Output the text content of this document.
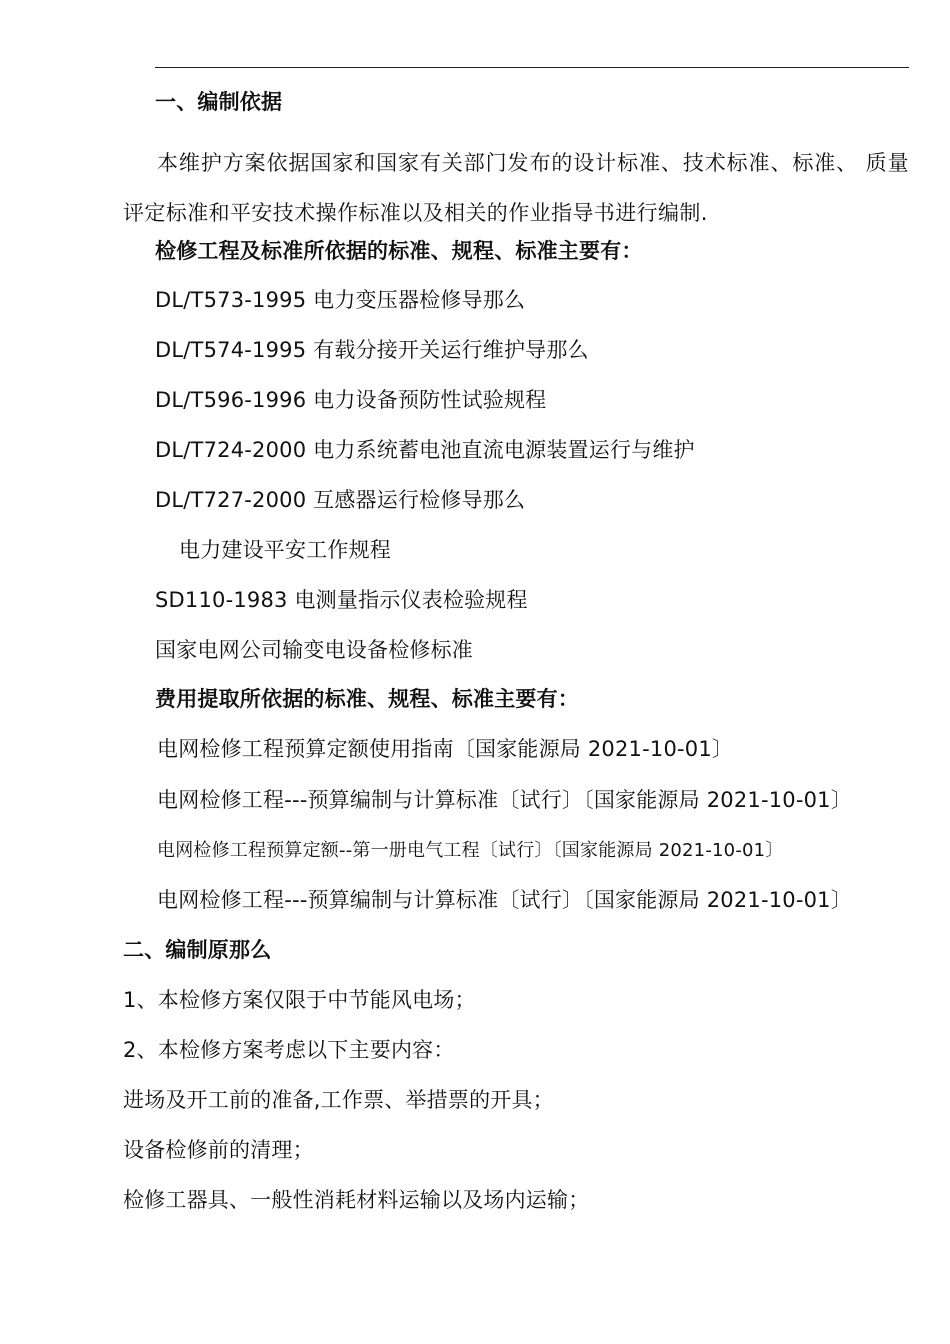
一、编制依据
本维护方案依据国家和国家有关部门发布的设计标准、技术标准、标准、 质量评定标准和平安技术操作标准以及相关的作业指导书进行编制.
检修工程及标准所依据的标准、规程、标准主要有：
DL/T573-1995 电力变压器检修导那么
DL/T574-1995 有载分接开关运行维护导那么
DL/T596-1996 电力设备预防性试验规程
DL/T724-2000 电力系统蓄电池直流电源装置运行与维护
DL/T727-2000 互感器运行检修导那么
电力建设平安工作规程
SD110-1983 电测量指示仪表检验规程
国家电网公司输变电设备检修标准
费用提取所依据的标准、规程、标准主要有：
电网检修工程预算定额使用指南〔国家能源局 2021-10-01〕
电网检修工程---预算编制与计算标准〔试行〕〔国家能源局 2021-10-01〕
电网检修工程预算定额--第一册电气工程〔试行〕〔国家能源局 2021-10-01〕
电网检修工程---预算编制与计算标准〔试行〕〔国家能源局 2021-10-01〕
二、编制原那么
1、本检修方案仅限于中节能风电场；
2、本检修方案考虑以下主要内容：
进场及开工前的准备,工作票、举措票的开具；
设备检修前的清理；
检修工器具、一般性消耗材料运输以及场内运输；
